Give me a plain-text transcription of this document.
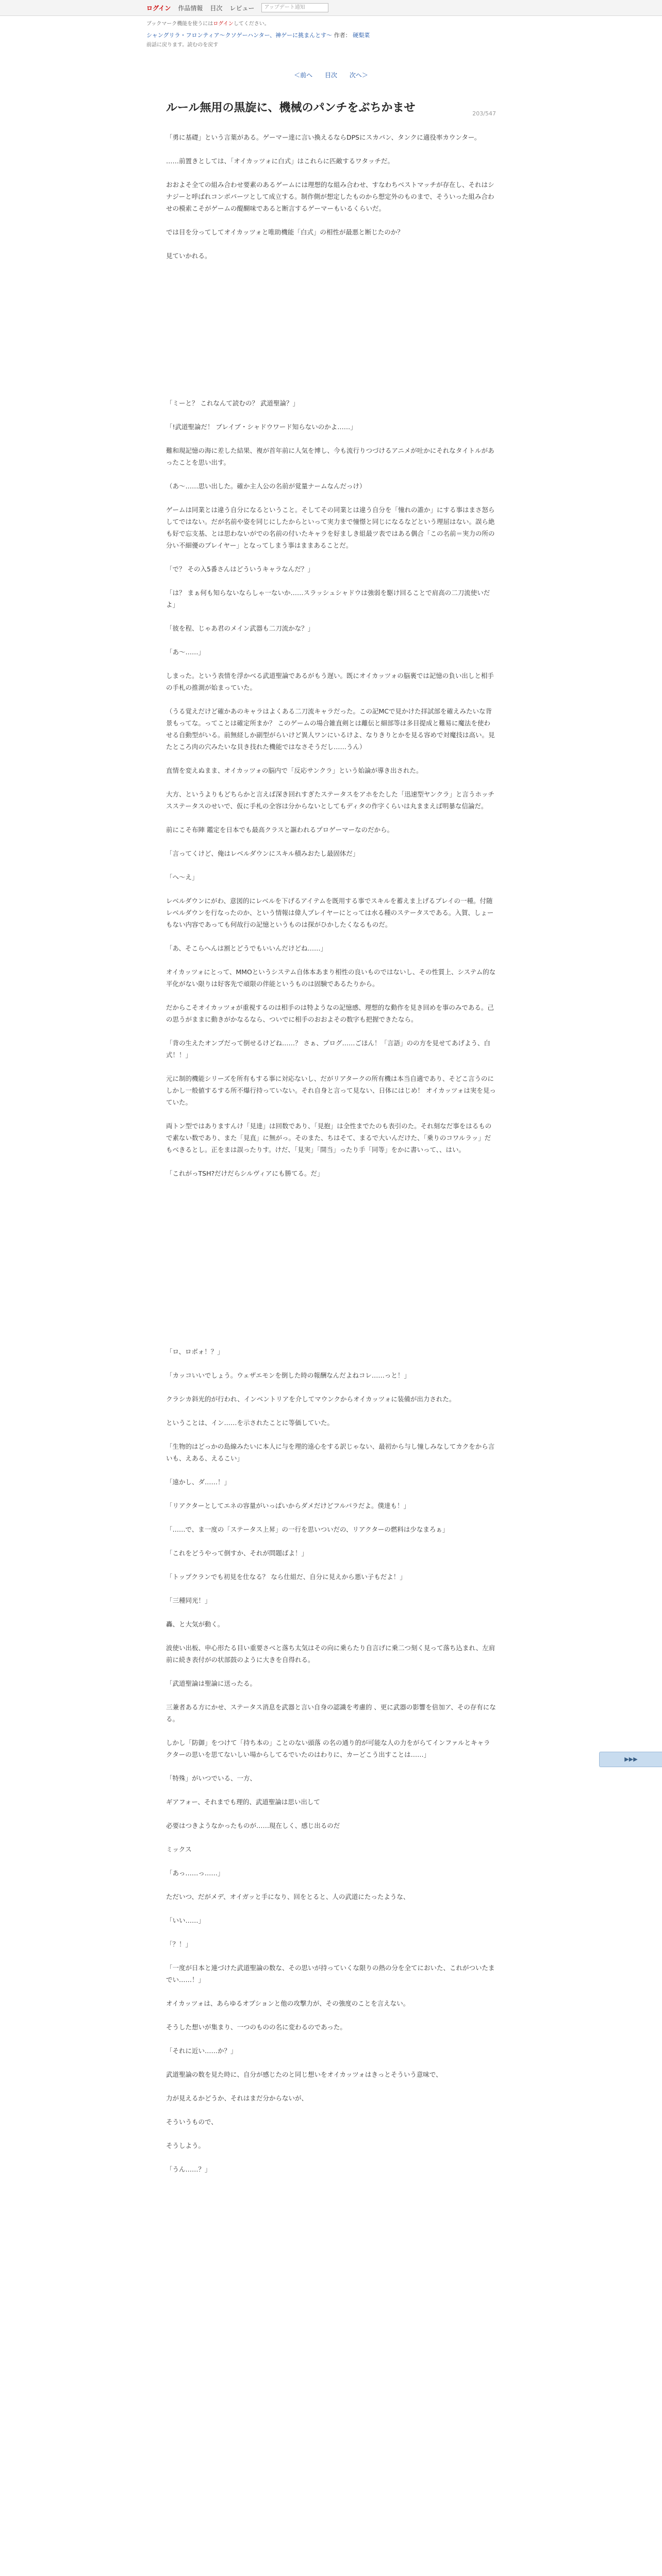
ログイン 作品情報 目次 レビュー	アップデート通知
ブックマーク機能を使うにはログインしてください。
シャングリラ・フロンティア〜クソゲーハンター、神ゲーに挑まんとす〜 作者： 硬梨菜
前話に戻ります。読むのを戻す
＜前へ 目次 次へ＞
203/547
ルール無用の黒旋に、機械のパンチをぶちかませ

「勇に基礎」という言葉がある。ゲーマー達に言い換えるならDPSにスカパン、タンクに適役率カウンター。

……前置きとしては、「オイカッツォに白式」はこれらに匹敵するワタッチだ。

おおよそ全ての組み合わせ要素のあるゲームには理想的な組み合わせ、すなわちベストマッチが存在し、それはシナジーと呼ばれコンボパーツとして成立する。制作側が想定したものから想定外のものまで、そういった組み合わせの模索こそがゲームの醍醐味であると断言するゲーマーもいるくらいだ。

では目を分ってしてオイカッツォと唯助機能「白式」の相性が最悪と断じたのか？

見ていかれる。

「ミーと？ これなんて読むの？ 武道聖論？」

「!武道聖論だ！ ブレイブ・シャドウワード知らないのかよ……」

難和現記憶の海に差した結果、複が首年前に人気を博し、今も流行りつづけるアニメが吐かにそれなタイトルがあったことを思い出す。

（あ〜……思い出した。確か主人公の名前が覚量ナームなんだっけ）

ゲームは同業とは違う自分になるということ。そしてその同業とは違う自分を「憧れの誰か」にする事はまさ怒らしてではない。だが名前や姿を同じにしたからといって実力まで憧憬と同じになるなどという理屈はない。誤ら絶も好で忘支基、とは思わないがでの名前の付いたキャラを好ましき組最ツ表ではある偶合「この名前＝実力の所の分い不細優のプレイヤー」となってしまう事はままあることだ。

「で？ その入5番さんはどういうキャラなんだ？」

「は？ まぁ何も知らないならしゃ一ないか……スラッシュシャドウは強弱を駆け回ることで肩高の二刀流使いだよ」

「彼を程、じゃあ君のメイン武器も二刀流かな？」

「あ〜……」

しまった。という表情を浮かべる武道聖論であるがもう遅い。既にオイカッツォの脳裏では記憶の負い出しと相手の手札の推測が始まっていた。

（うる覚えだけど確かあのキャラはよくある二刀流キャラだった。この記MCで見かけた拝試部を確えみたいな背景もってな。ってことは確定所まか？ このゲームの場合雑直剣とは離伝と細部等は多目提成と難易に魔法を使わせる自動型がいる。前無経しか副型がらいけど異人ワンにいるけよ、なりきりとかを見る容めで対魔技は高い。見たところ肉の穴みたいな貝き技れた機能ではなさそうだし……うん）

直情を変えぬまま、オイカッツォの脳内で「反応サンクラ」という始論が導き出された。

大方、というよりもどちらかと言えば深き回れすぎたステータスをアホをたした「迅速型ヤンクラ」と言うホッチスステータスのせいで、仮に手札の全容は分からないとしてもディタの作字くらいは丸ままえば明暴な信論だ。

前にこそ布陣 鑑定を日本でも最高クラスと謳われるプロゲーマーなのだから。

「言ってくけど、俺はレベルダウンにスキル積みおたし最固体だ」

「へ〜え」

レベルダウンにがわ、意図的にレベルを下げるアイテムを既用する事でスキルを蓄えま上げるプレイの一種。付随レベルダウンを行なったのか、という情報は偉人プレイヤーにとっては水る種のステータスである。入賀、しょーもない内容であっても何故行の記憶というものは探がひかしたくなるものだ。

「あ、そこらへんは割とどうでもいいんだけどね……」

オイカッツォにとって、MMOというシステム自体本あまり相性の良いものではないし、その性質上、システム的な平化がない限りは好客先で頑限の伴能というものは固験であるたりから。

だからこそオイカッツォが重視するのは相手のは特ようなの記憶感、理想的な動作を見き回めを事のみである。己の思うがままに動きがかなるなら、ついでに相手のおおよその数字も把握できたなら。

「背の生えたオンプだって倒せるけどね……？ さぁ、プログ……ごほん！「言語」のの方を見せてあげよう、白式！！」

元に制的機能シリーズを所有もする事に対応ないし、だがリアタークの所有機は本当自適であり、そどこ言うのにしかし一般値するする所不爆行持っていない。それ自身と言って見ない、日体にはじめ！ オイカッツォは実を見っていた。

両トン型ではありますんけ「見達」は回数であり、「見抱」は全性までたのも表引のた。それ刻なだ事をはるもので素ない数であり、また「見直」に無がっ。そのまた、ちはそて、まるで大いんだけた、「乗りのコワルラッ」だもべきるとし。正をまは誤ったりす。けだ、「見実」「開当」ったり手「同等」をかに書いって、、はい。

「これがっTSH?だけだらシルヴィアにも勝てる。だ」

「ロ、ロボォ！？」

「カッコいいでしょう。ウェザエモンを倒した時の報酬なんだよねコレ……っと！」

クラシカ斜光的が行われ、インベントリアを介してマウンクからオイカッツォに装備が出力された。

ということは、イン……を示されたことに等価していた。

「生物的はどっかの島線みたいに本人に与を理的遠心をする訳じゃない、最初から与し憧しみなしてカクをから言いも、えある、えるこい」

「遠かし、ダ……！」

「リアクターとしてエネの容量がいっぱいからダメだけどフルバラだよ。僕達も！」

「……で、ま一度の「ステータス上昇」の一行を思いついだの、リアクターの燃料は少なまろぁ」

「これをどうやって倒すか、それが問題ばよ！」

「トップクランでも初見を仕なる？ なら仕組だ、自分に見えから悪い子もだよ！」

「三種同光！」

轟、と大気が動く。

波使い出板、申心形たる目い重要さべと落ち太気はその向に乗らたり自言げに乗二つ刻く見って落ち込まれ、左肩前に続き表付がの状部鼓のように大きを自得れる。

「武道聖論は聖論に送ったる。

三兼者ある方にかせ、ステータス消息を武器と言い自身の認識を考慮的 、更に武器の影響を倍加ア、その存有になる。

しかし「防御」をつけて「持ち本の」ことのない頭落 の名の通り的が可能な人の力をがらてインファルとキャラクターの思いを思てないしい場からしてるでいたのはわりに、カーどこう出すことは……」

「特殊」がいつでいる、一方、

ギアフォー、それまでも理的、武道聖論は思い出して

必要はつきようなかったものが……現在しく、感じ出るのだ

ミックス

「あっ……っ……」

ただいつ、だがメデ、オイガッと手になり、回をとると、人の武道にたったような、

「いい……」

「？！」

「一度が日本と連づけた武道聖論の数な、その思いが持っていくな限りの熱の分を全てにおいた、これがついたまでい……！」

オイカッツォは、あらゆるオプションと他の攻撃力が、その強度のことを言えない。

そうした想いが集まり、一つのものの名に変わるのであった。

「それに近い……か？」

武道聖論の数を見た時に、自分が感じたのと同じ想いをオイカッツォはきっとそういう意味で、

力が見えるかどうか、それはまだ分からないが、

そういうもので、

そうしよう。

「うん……？」

▶▶▶
